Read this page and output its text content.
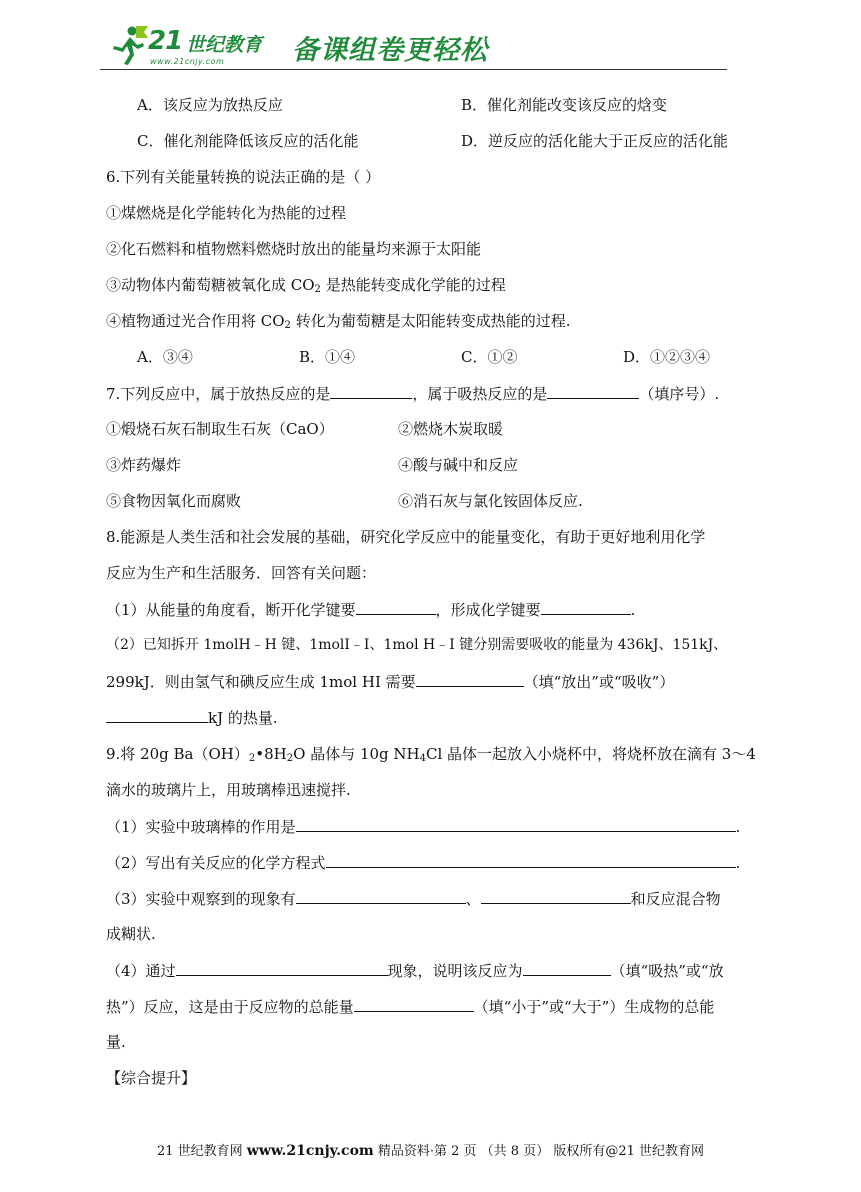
21 世纪教育
www.21cnjy.com	备课组卷更轻松
A．该反应为放热反应	B．催化剂能改变该反应的焓变
C．催化剂能降低该反应的活化能	D．逆反应的活化能大于正反应的活化能
6.下列有关能量转换的说法正确的是（ ）
①煤燃烧是化学能转化为热能的过程
②化石燃料和植物燃料燃烧时放出的能量均来源于太阳能
③动物体内葡萄糖被氧化成 $CO_2$ 是热能转变成化学能的过程
④植物通过光合作用将 $CO_2$ 转化为葡萄糖是太阳能转变成热能的过程.
A．③④	B．①④	C．①②	D．①②③④
7.下列反应中，属于放热反应的是	，属于吸热反应的是	（填序号）.
①煅烧石灰石制取生石灰（CaO）	②燃烧木炭取暖
③炸药爆炸	④酸与碱中和反应
⑤食物因氧化而腐败	⑥消石灰与氯化铵固体反应.
8.能源是人类生活和社会发展的基础，研究化学反应中的能量变化，有助于更好地利用化学
反应为生产和生活服务．回答有关问题：
（1）从能量的角度看，断开化学键要	，形成化学键要	.
（2）已知拆开 1molH﹣H 键、1molI﹣I、1mol H﹣I 键分别需要吸收的能量为 436kJ、151kJ、
299kJ．则由氢气和碘反应生成 1mol HI 需要	（填“放出”或“吸收”）
kJ 的热量.
9.将 20g $Ba(OH)_2•8H_2O$ 晶体与 10g $NH_4Cl$ 晶体一起放入小烧杯中，将烧杯放在滴有 3～4
滴水的玻璃片上，用玻璃棒迅速搅拌.
（1）实验中玻璃棒的作用是	.
（2）写出有关反应的化学方程式	.
（3）实验中观察到的现象有	、	和反应混合物
成糊状.
（4）通过	现象，说明该反应为	（填“吸热”或“放
热”）反应，这是由于反应物的总能量	（填“小于”或“大于”）生成物的总能
量.
【综合提升】
21 世纪教育网 www.21cnjy.com 精品资料·第 2 页 （共 8 页） 版权所有@21 世纪教育网
